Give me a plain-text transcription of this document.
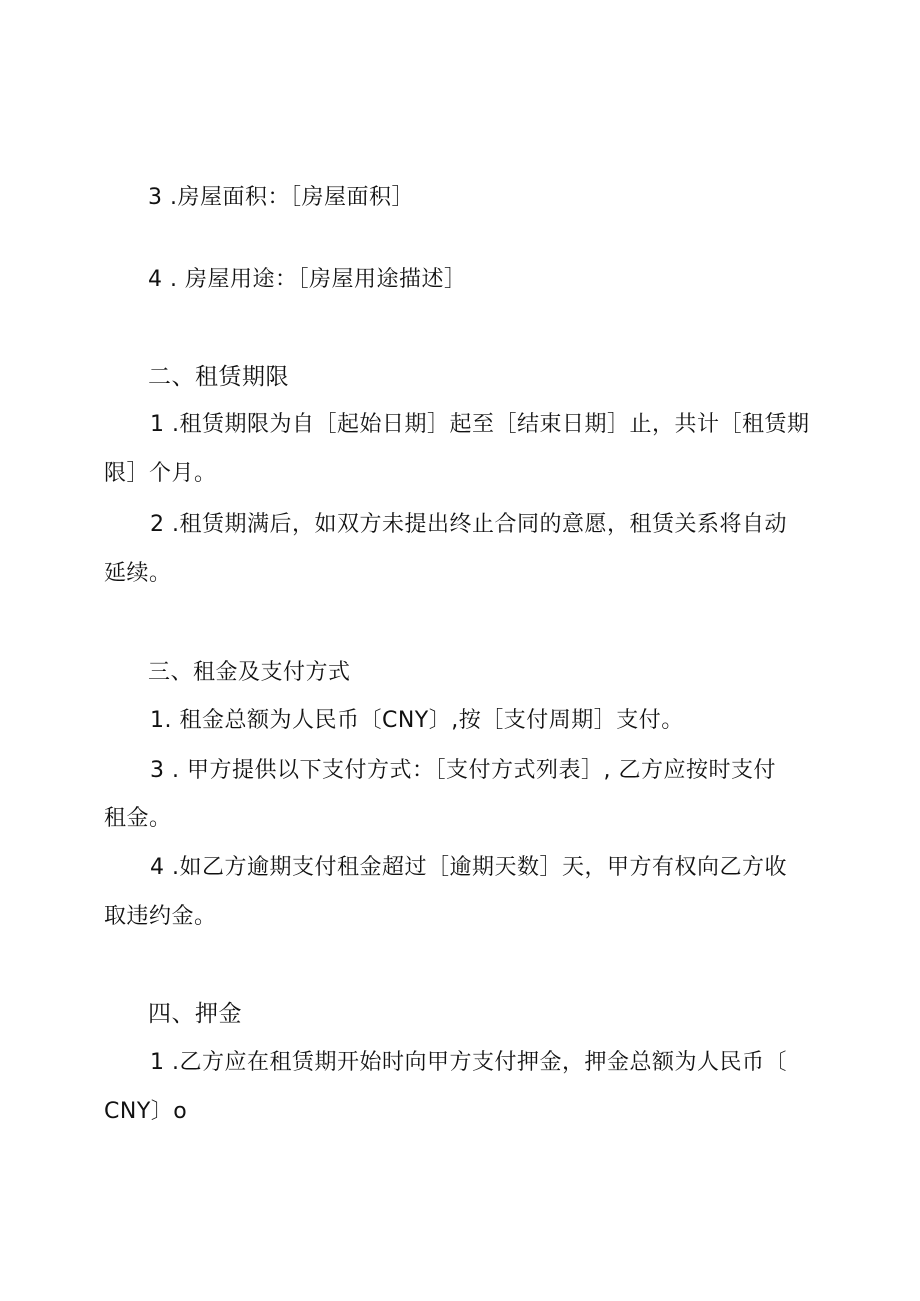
3 .房屋面积：［房屋面积］
4 . 房屋用途：［房屋用途描述］
二、租赁期限
1 .租赁期限为自［起始日期］起至［结束日期］止，共计［租赁期
限］个月。
2 .租赁期满后，如双方未提出终止合同的意愿，租赁关系将自动
延续。
三、租金及支付方式
1. 租金总额为人民币〔CNY〕,按［支付周期］支付。
3 . 甲方提供以下支付方式：［支付方式列表］, 乙方应按时支付
租金。
4 .如乙方逾期支付租金超过［逾期天数］天，甲方有权向乙方收
取违约金。
四、押金
1 .乙方应在租赁期开始时向甲方支付押金，押金总额为人民币〔
CNY〕o
